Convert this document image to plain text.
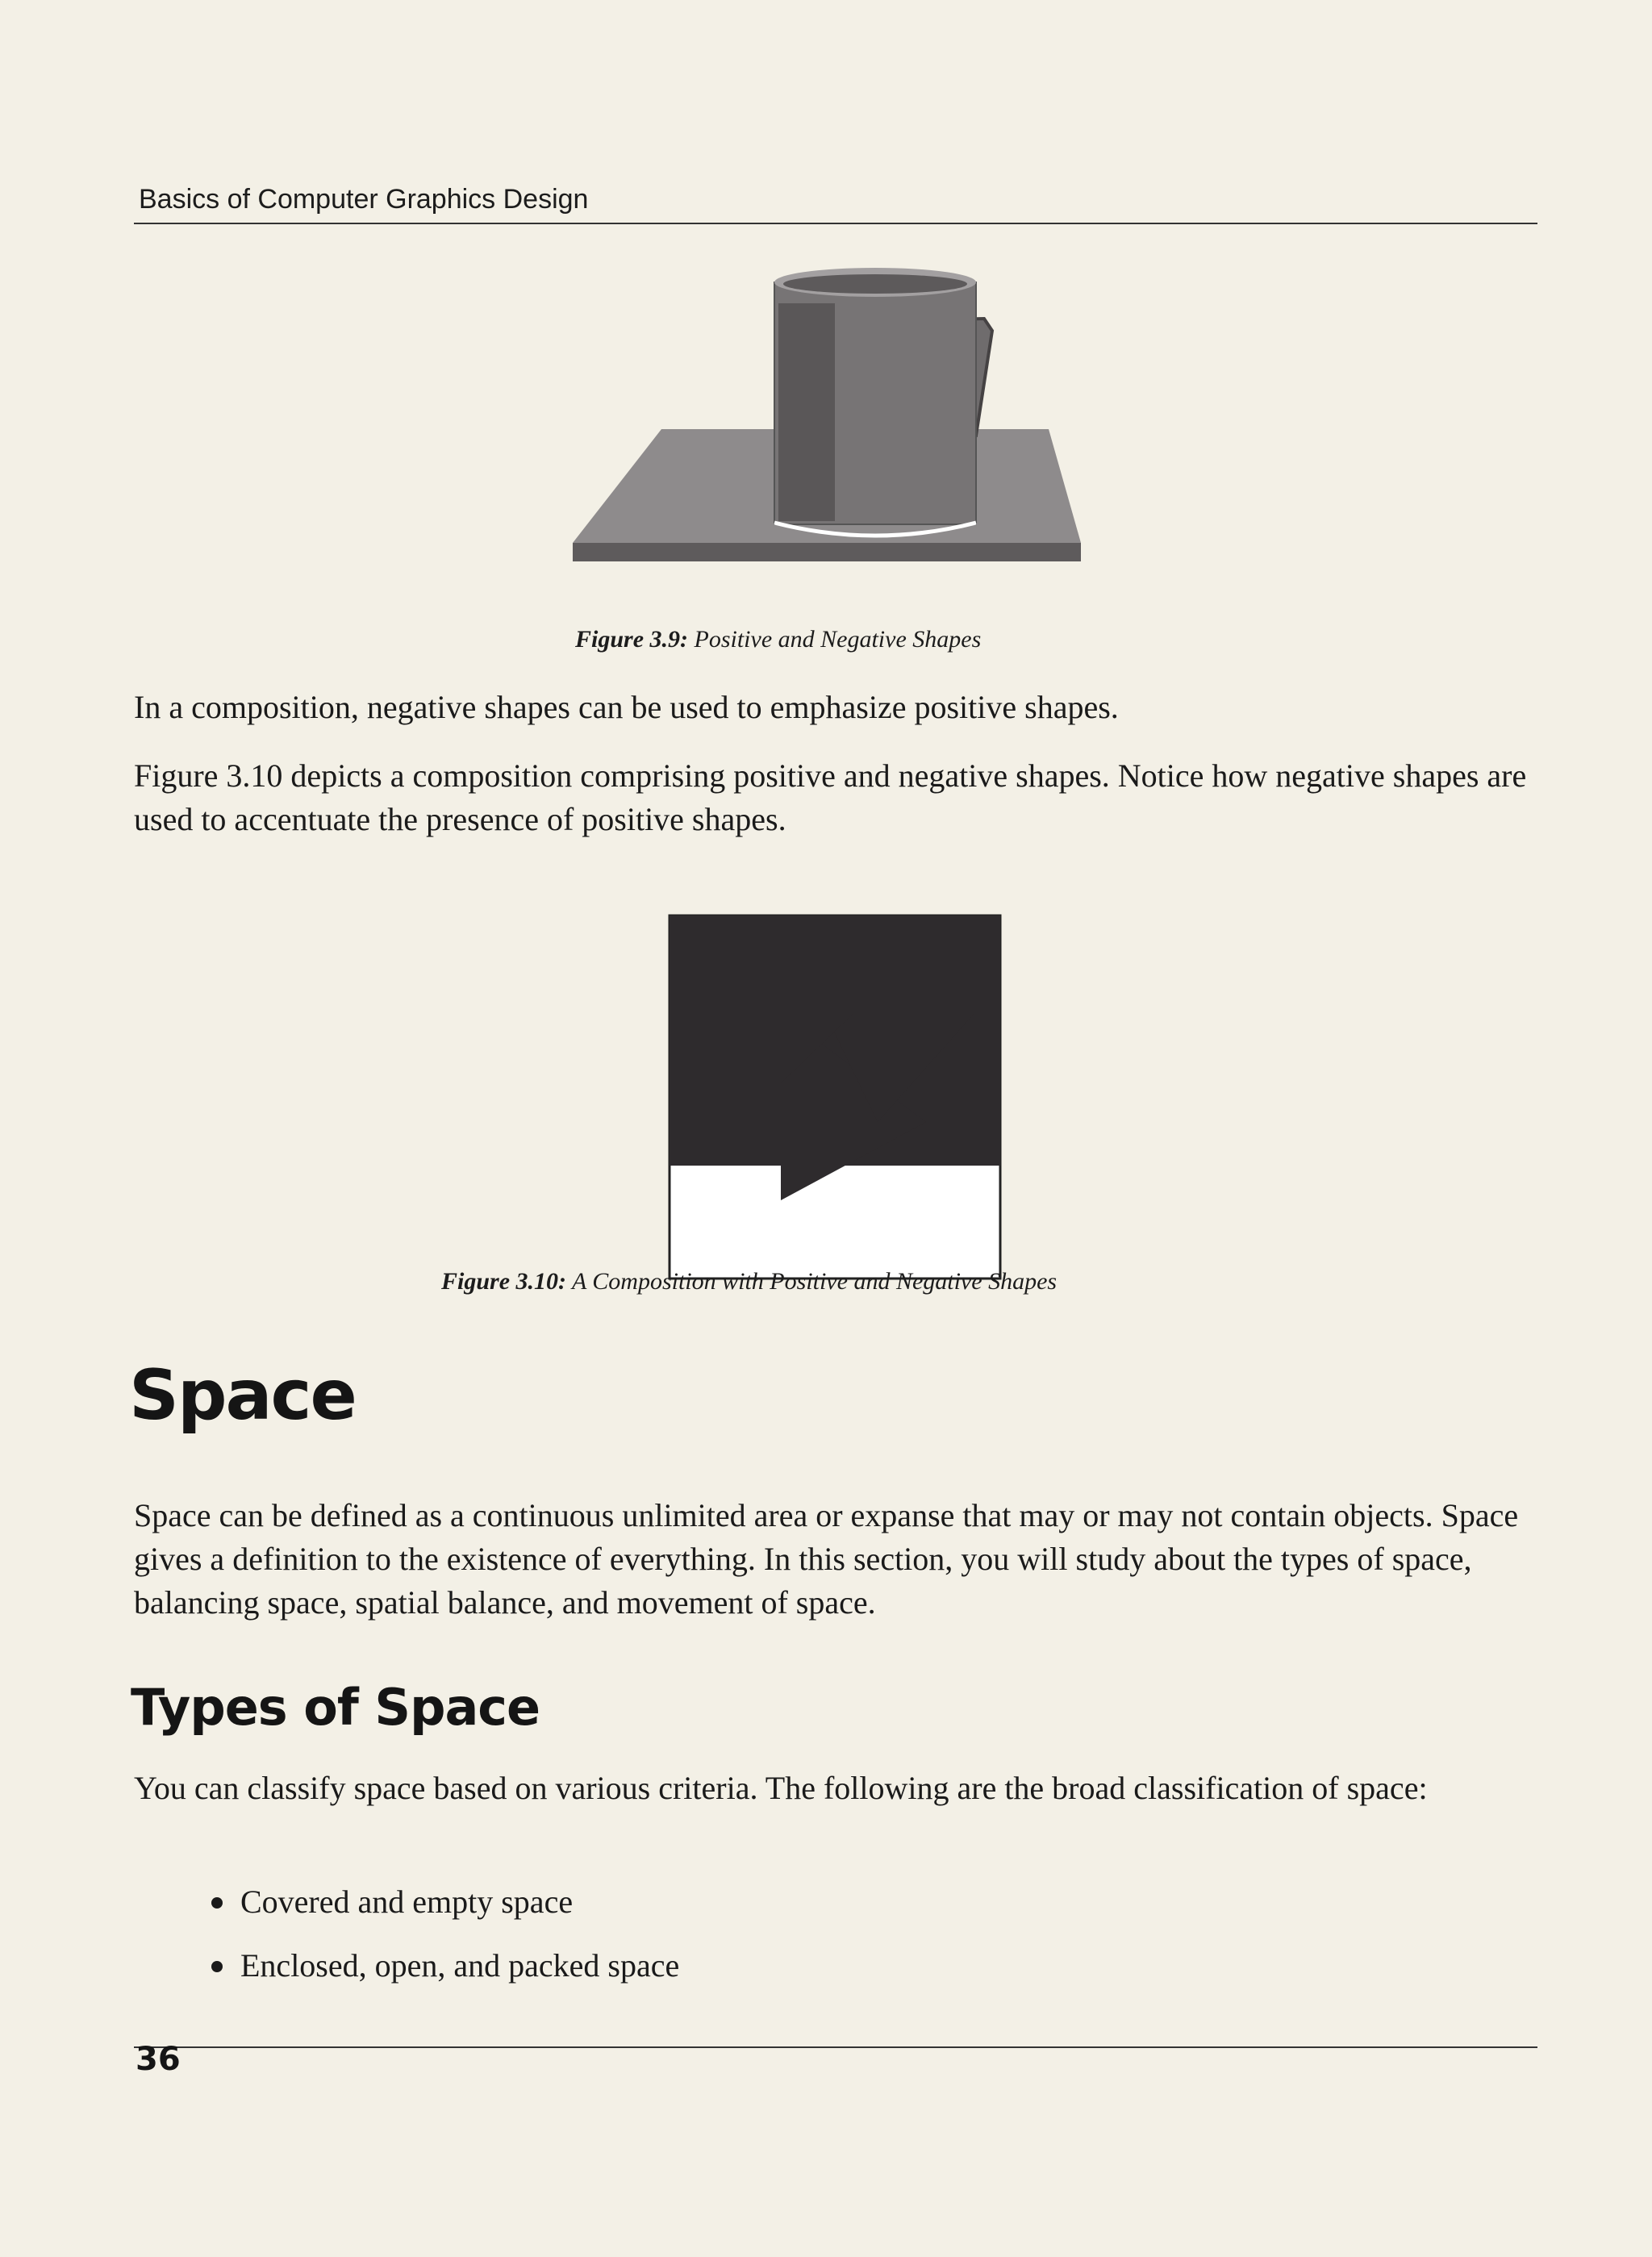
Basics of Computer Graphics Design
Figure 3.9: Positive and Negative Shapes
In a composition, negative shapes can be used to emphasize positive shapes.
Figure 3.10 depicts a composition comprising positive and negative shapes. Notice how negative shapes are used to accentuate the presence of positive shapes.
Figure 3.10: A Composition with Positive and Negative Shapes
Space
Space can be defined as a continuous unlimited area or expanse that may or may not contain objects. Space gives a definition to the existence of everything. In this section, you will study about the types of space, balancing space, spatial balance, and movement of space.
Types of Space
You can classify space based on various criteria. The following are the broad classification of space:
Covered and empty space
Enclosed, open, and packed space
36
